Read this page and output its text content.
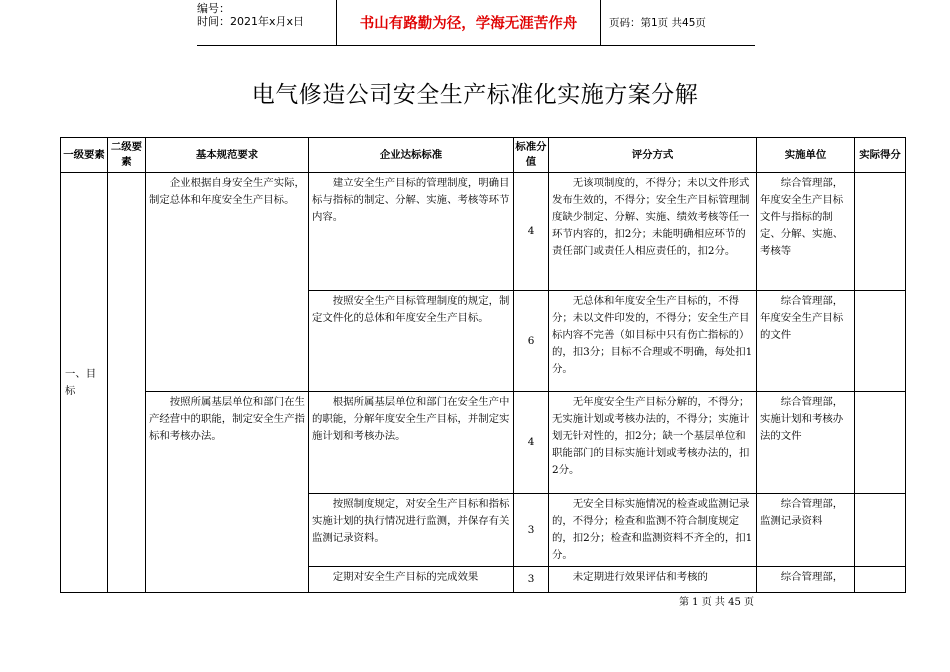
编号：
时间：2021年x月x日	书山有路勤为径，学海无涯苦作舟	页码：第1页 共45页
电气修造公司安全生产标准化实施方案分解
一级要素	二级要素	基本规范要求	企业达标标准	标准分值	评分方式	实施单位	实际得分
一、目标		企业根据自身安全生产实际，制定总体和年度安全生产目标。	建立安全生产目标的管理制度，明确目标与指标的制定、分解、实施、考核等环节内容。	4	无该项制度的，不得分；未以文件形式发布生效的，不得分；安全生产目标管理制度缺少制定、分解、实施、绩效考核等任一环节内容的，扣2分；未能明确相应环节的责任部门或责任人相应责任的，扣2分。	综合管理部，年度安全生产目标文件与指标的制定、分解、实施、考核等	
			按照安全生产目标管理制度的规定，制定文件化的总体和年度安全生产目标。	6	无总体和年度安全生产目标的，不得分；未以文件印发的，不得分；安全生产目标内容不完善（如目标中只有伤亡指标的）的，扣3分；目标不合理或不明确，每处扣1分。	综合管理部，年度安全生产目标的文件	
		按照所属基层单位和部门在生产经营中的职能，制定安全生产指标和考核办法。	根据所属基层单位和部门在安全生产中的职能，分解年度安全生产目标，并制定实施计划和考核办法。	4	无年度安全生产目标分解的，不得分；无实施计划或考核办法的，不得分；实施计划无针对性的，扣2分；缺一个基层单位和职能部门的目标实施计划或考核办法的，扣2分。	综合管理部，实施计划和考核办法的文件	
			按照制度规定，对安全生产目标和指标实施计划的执行情况进行监测，并保存有关监测记录资料。	3	无安全目标实施情况的检查或监测记录的，不得分；检查和监测不符合制度规定的，扣2分；检查和监测资料不齐全的，扣1分。	综合管理部，监测记录资料	
			定期对安全生产目标的完成效果	3	未定期进行效果评估和考核的	综合管理部，	
第 1 页 共 45 页
